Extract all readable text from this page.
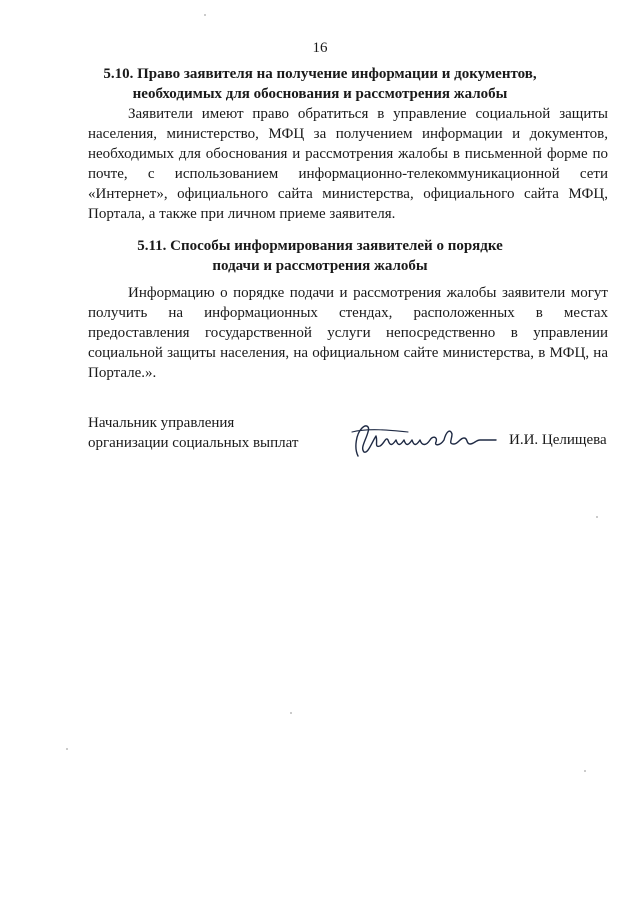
16
5.10. Право заявителя на получение информации и документов,
необходимых для обоснования и рассмотрения жалобы

Заявители имеют право обратиться в управление социальной защиты населения, министерство, МФЦ за получением информации и документов, необходимых для обоснования и рассмотрения жалобы в письменной форме по почте, с использованием информационно-телекоммуникационной сети «Интернет», официального сайта министерства, официального сайта МФЦ, Портала, а также при личном приеме заявителя.

5.11. Способы информирования заявителей о порядке
подачи и рассмотрения жалобы

Информацию о порядке подачи и рассмотрения жалобы заявители могут получить на информационных стендах, расположенных в местах предоставления государственной услуги непосредственно в управлении социальной защиты населения, на официальном сайте министерства, в МФЦ, на Портале.».

Начальник управления
организации социальных выплат	И.И. Целищева
